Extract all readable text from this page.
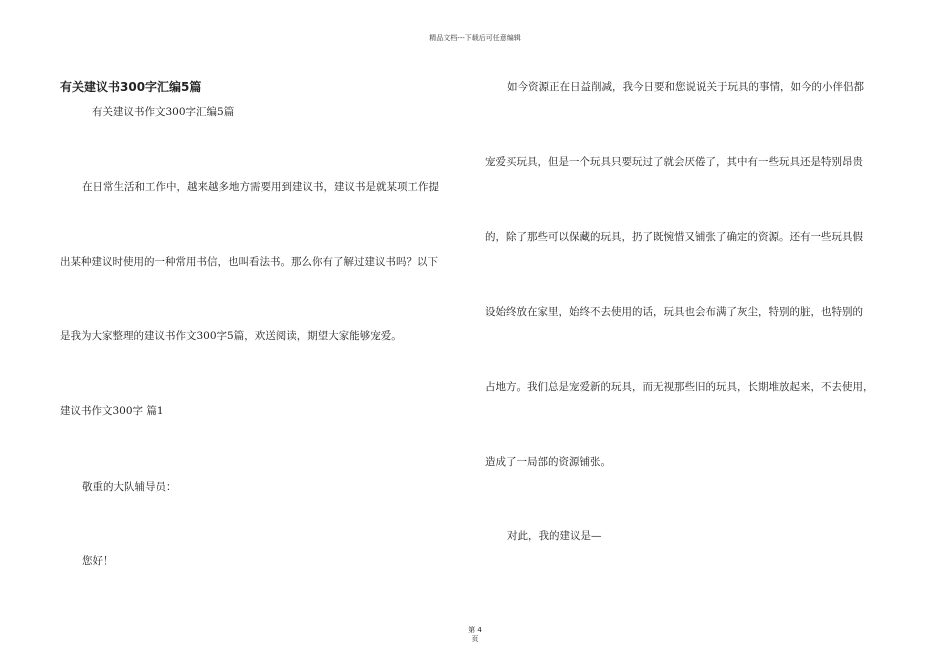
精品文档---下载后可任意编辑
有关建议书300字汇编5篇
有关建议书作文300字汇编5篇
在日常生活和工作中，越来越多地方需要用到建议书，建议书是就某项工作提
出某种建议时使用的一种常用书信，也叫看法书。那么你有了解过建议书吗？以下
是我为大家整理的建议书作文300字5篇，欢送阅读，期望大家能够宠爱。
建议书作文300字 篇1
敬重的大队辅导员：
您好！
如今资源正在日益削减，我今日要和您说说关于玩具的事情，如今的小伴侣都
宠爱买玩具，但是一个玩具只要玩过了就会厌倦了，其中有一些玩具还是特别昂贵
的，除了那些可以保藏的玩具，扔了既惋惜又铺张了确定的资源。还有一些玩具假
设始终放在家里，始终不去使用的话，玩具也会布满了灰尘，特别的脏，也特别的
占地方。我们总是宠爱新的玩具，而无视那些旧的玩具，长期堆放起来，不去使用，
造成了一局部的资源铺张。
对此，我的建议是—
第 4
页
